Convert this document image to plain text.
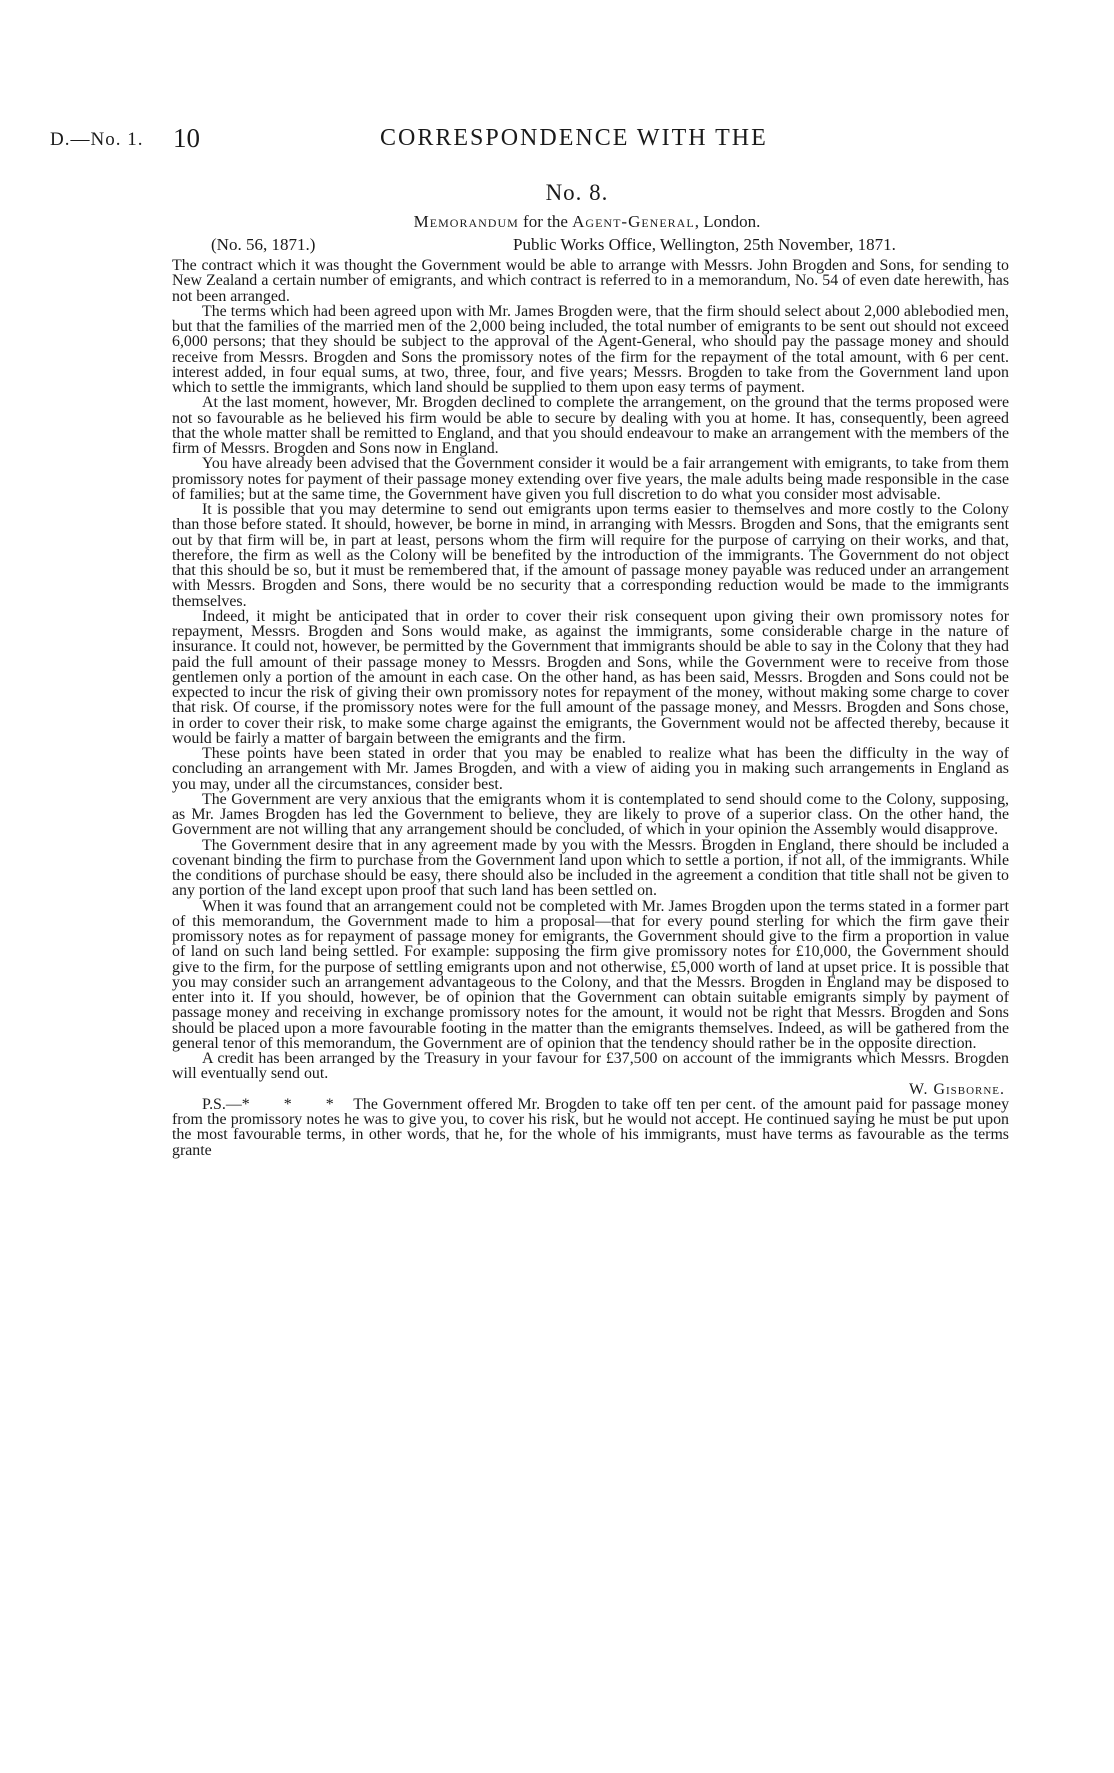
D.—No. 1. 10	CORRESPONDENCE WITH THE
No. 8.
Memorandum for the Agent-General, London.
(No. 56, 1871.)	Public Works Office, Wellington, 25th November, 1871.

The contract which it was thought the Government would be able to arrange with Messrs. John Brogden and Sons, for sending to New Zealand a certain number of emigrants, and which contract is referred to in a memorandum, No. 54 of even date herewith, has not been arranged.

The terms which had been agreed upon with Mr. James Brogden were, that the firm should select about 2,000 ablebodied men, but that the families of the married men of the 2,000 being included, the total number of emigrants to be sent out should not exceed 6,000 persons; that they should be subject to the approval of the Agent-General, who should pay the passage money and should receive from Messrs. Brogden and Sons the promissory notes of the firm for the repayment of the total amount, with 6 per cent. interest added, in four equal sums, at two, three, four, and five years; Messrs. Brogden to take from the Government land upon which to settle the immigrants, which land should be supplied to them upon easy terms of payment.

At the last moment, however, Mr. Brogden declined to complete the arrangement, on the ground that the terms proposed were not so favourable as he believed his firm would be able to secure by dealing with you at home. It has, consequently, been agreed that the whole matter shall be remitted to England, and that you should endeavour to make an arrangement with the members of the firm of Messrs. Brogden and Sons now in England.

You have already been advised that the Government consider it would be a fair arrangement with emigrants, to take from them promissory notes for payment of their passage money extending over five years, the male adults being made responsible in the case of families; but at the same time, the Government have given you full discretion to do what you consider most advisable.

It is possible that you may determine to send out emigrants upon terms easier to themselves and more costly to the Colony than those before stated. It should, however, be borne in mind, in arranging with Messrs. Brogden and Sons, that the emigrants sent out by that firm will be, in part at least, persons whom the firm will require for the purpose of carrying on their works, and that, therefore, the firm as well as the Colony will be benefited by the introduction of the immigrants. The Government do not object that this should be so, but it must be remembered that, if the amount of passage money payable was reduced under an arrangement with Messrs. Brogden and Sons, there would be no security that a corresponding reduction would be made to the immigrants themselves.

Indeed, it might be anticipated that in order to cover their risk consequent upon giving their own promissory notes for repayment, Messrs. Brogden and Sons would make, as against the immigrants, some considerable charge in the nature of insurance. It could not, however, be permitted by the Government that immigrants should be able to say in the Colony that they had paid the full amount of their passage money to Messrs. Brogden and Sons, while the Government were to receive from those gentlemen only a portion of the amount in each case. On the other hand, as has been said, Messrs. Brogden and Sons could not be expected to incur the risk of giving their own promissory notes for repayment of the money, without making some charge to cover that risk. Of course, if the promissory notes were for the full amount of the passage money, and Messrs. Brogden and Sons chose, in order to cover their risk, to make some charge against the emigrants, the Government would not be affected thereby, because it would be fairly a matter of bargain between the emigrants and the firm.

These points have been stated in order that you may be enabled to realize what has been the difficulty in the way of concluding an arrangement with Mr. James Brogden, and with a view of aiding you in making such arrangements in England as you may, under all the circumstances, consider best.

The Government are very anxious that the emigrants whom it is contemplated to send should come to the Colony, supposing, as Mr. James Brogden has led the Government to believe, they are likely to prove of a superior class. On the other hand, the Government are not willing that any arrangement should be concluded, of which in your opinion the Assembly would disapprove.

The Government desire that in any agreement made by you with the Messrs. Brogden in England, there should be included a covenant binding the firm to purchase from the Government land upon which to settle a portion, if not all, of the immigrants. While the conditions of purchase should be easy, there should also be included in the agreement a condition that title shall not be given to any portion of the land except upon proof that such land has been settled on.

When it was found that an arrangement could not be completed with Mr. James Brogden upon the terms stated in a former part of this memorandum, the Government made to him a proposal—that for every pound sterling for which the firm gave their promissory notes as for repayment of passage money for emigrants, the Government should give to the firm a proportion in value of land on such land being settled. For example: supposing the firm give promissory notes for £10,000, the Government should give to the firm, for the purpose of settling emigrants upon and not otherwise, £5,000 worth of land at upset price. It is possible that you may consider such an arrangement advantageous to the Colony, and that the Messrs. Brogden in England may be disposed to enter into it. If you should, however, be of opinion that the Government can obtain suitable emigrants simply by payment of passage money and receiving in exchange promissory notes for the amount, it would not be right that Messrs. Brogden and Sons should be placed upon a more favourable footing in the matter than the emigrants themselves. Indeed, as will be gathered from the general tenor of this memorandum, the Government are of opinion that the tendency should rather be in the opposite direction.

A credit has been arranged by the Treasury in your favour for £37,500 on account of the immigrants which Messrs. Brogden will eventually send out.

W. Gisborne.

P.S.—*       *       * The Government offered Mr. Brogden to take off ten per cent. of the amount paid for passage money from the promissory notes he was to give you, to cover his risk, but he would not accept. He continued saying he must be put upon the most favourable terms, in other words, that he, for the whole of his immigrants, must have terms as favourable as the terms grante
